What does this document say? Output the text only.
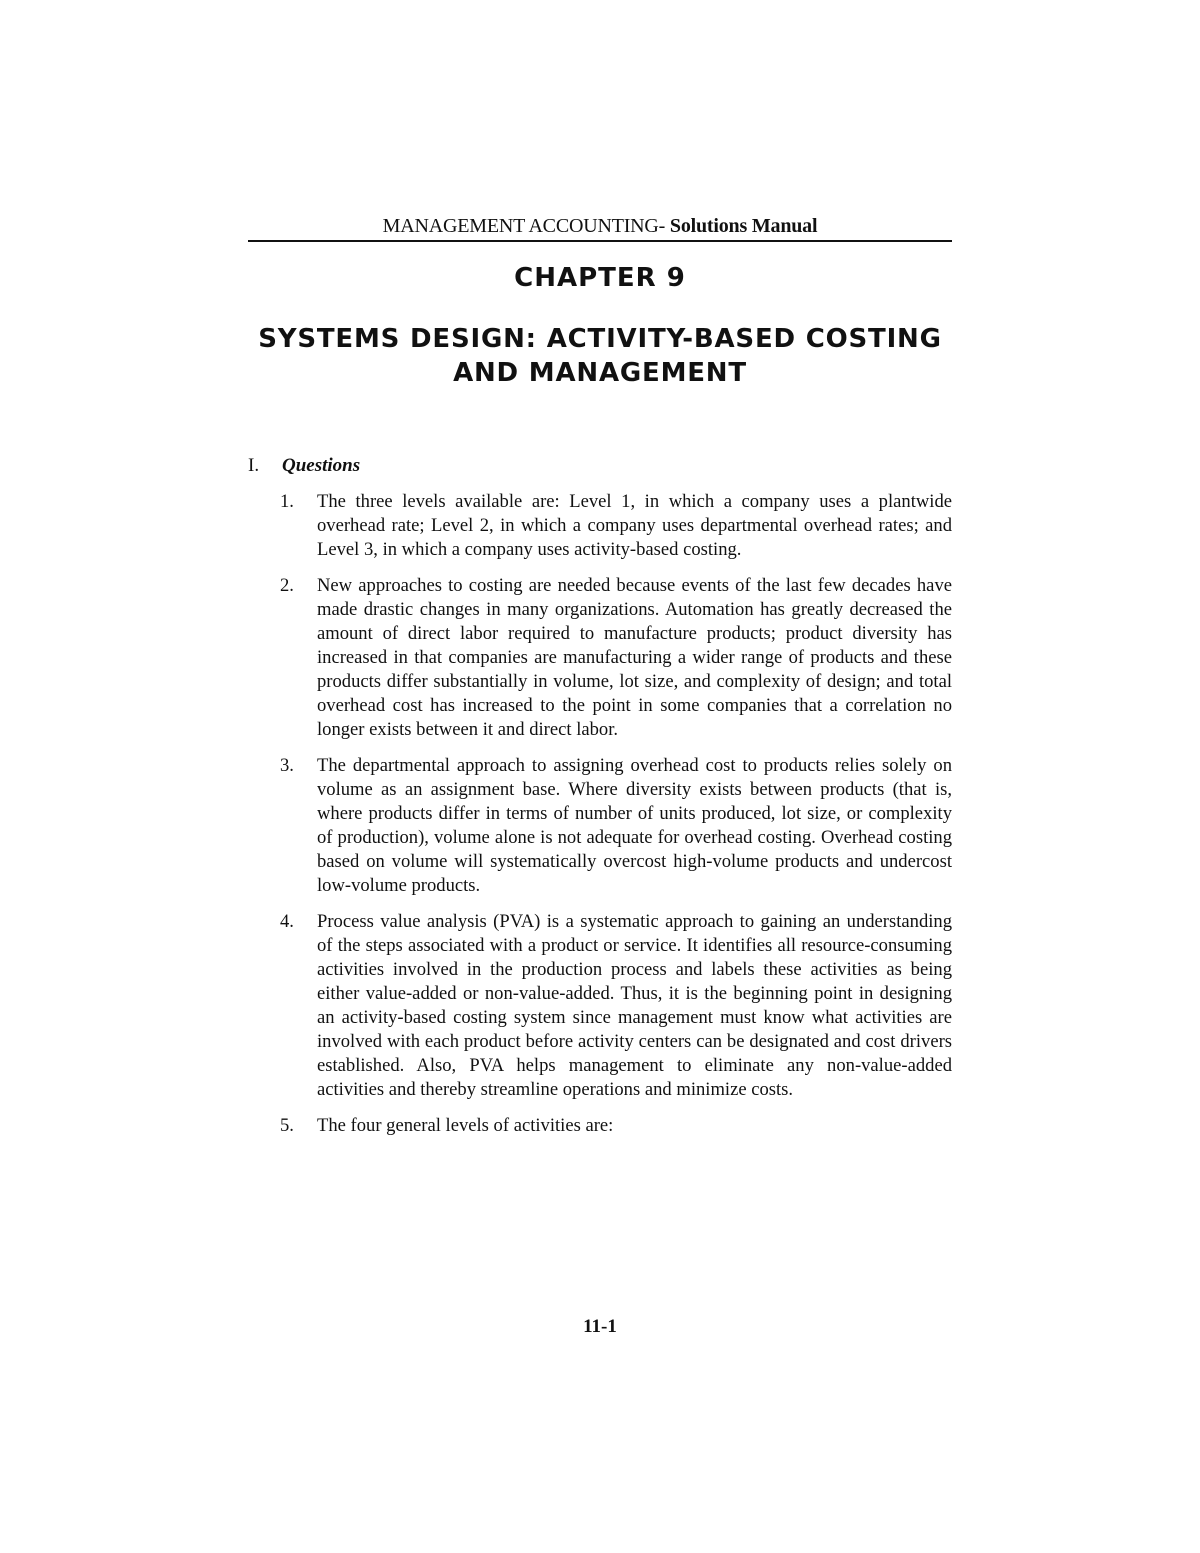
MANAGEMENT ACCOUNTING- Solutions Manual
CHAPTER 9
SYSTEMS DESIGN: ACTIVITY-BASED COSTING
AND MANAGEMENT
I. Questions
1.	The three levels available are: Level 1, in which a company uses a plantwide overhead rate; Level 2, in which a company uses departmental overhead rates; and Level 3, in which a company uses activity-based costing.
2.	New approaches to costing are needed because events of the last few decades have made drastic changes in many organizations. Automation has greatly decreased the amount of direct labor required to manufacture products; product diversity has increased in that companies are manufacturing a wider range of products and these products differ substantially in volume, lot size, and complexity of design; and total overhead cost has increased to the point in some companies that a correlation no longer exists between it and direct labor.
3.	The departmental approach to assigning overhead cost to products relies solely on volume as an assignment base. Where diversity exists between products (that is, where products differ in terms of number of units produced, lot size, or complexity of production), volume alone is not adequate for overhead costing. Overhead costing based on volume will systematically overcost high-volume products and undercost low-volume products.
4.	Process value analysis (PVA) is a systematic approach to gaining an understanding of the steps associated with a product or service. It identifies all resource-consuming activities involved in the production process and labels these activities as being either value-added or non-value-added. Thus, it is the beginning point in designing an activity-based costing system since management must know what activities are involved with each product before activity centers can be designated and cost drivers established. Also, PVA helps management to eliminate any non-value-added activities and thereby streamline operations and minimize costs.
5.	The four general levels of activities are:
11-1
